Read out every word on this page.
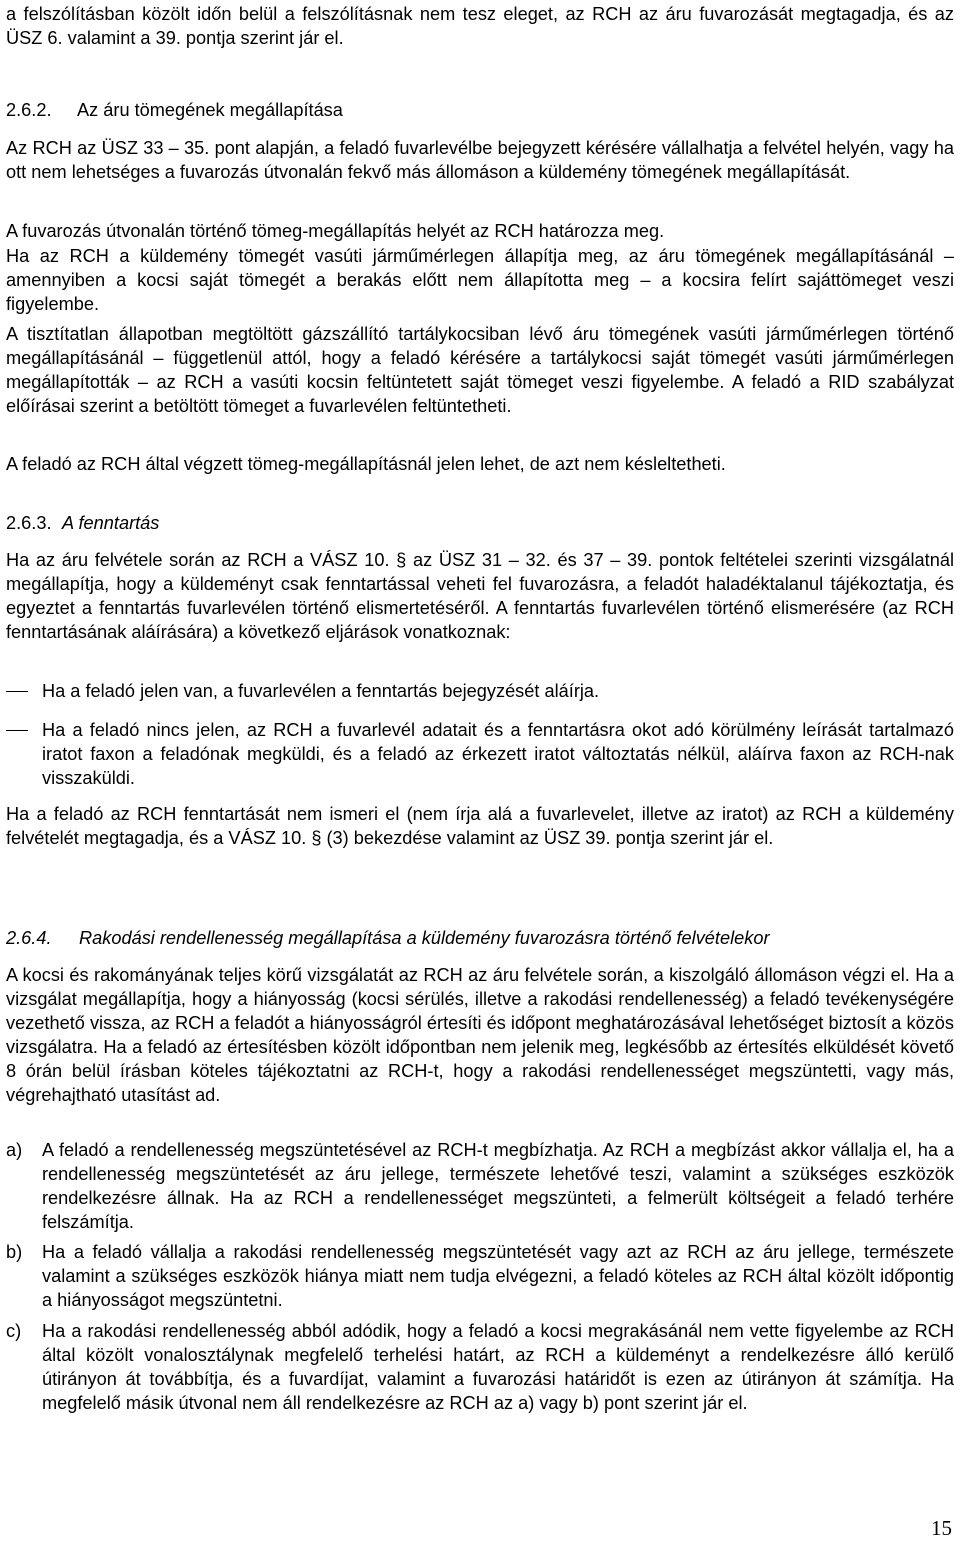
a felszólításban közölt időn belül a felszólításnak nem tesz eleget, az RCH az áru fuvarozását megtagadja, és az ÜSZ 6. valamint a 39. pontja szerint jár el.

2.6.2. Az áru tömegének megállapítása

Az RCH az ÜSZ 33 – 35. pont alapján, a feladó fuvarlevélbe bejegyzett kérésére vállalhatja a felvétel helyén, vagy ha ott nem lehetséges a fuvarozás útvonalán fekvő más állomáson a küldemény tömegének megállapítását.

A fuvarozás útvonalán történő tömeg-megállapítás helyét az RCH határozza meg.

Ha az RCH a küldemény tömegét vasúti járműmérlegen állapítja meg, az áru tömegének megállapításánál – amennyiben a kocsi saját tömegét a berakás előtt nem állapította meg – a kocsira felírt sajáttömeget veszi figyelembe.

A tisztítatlan állapotban megtöltött gázszállító tartálykocsiban lévő áru tömegének vasúti járműmérlegen történő megállapításánál – függetlenül attól, hogy a feladó kérésére a tartálykocsi saját tömegét vasúti járműmérlegen megállapították – az RCH a vasúti kocsin feltüntetett saját tömeget veszi figyelembe. A feladó a RID szabályzat előírásai szerint a betöltött tömeget a fuvarlevélen feltüntetheti.

A feladó az RCH által végzett tömeg-megállapításnál jelen lehet, de azt nem késleltetheti.

2.6.3. A fenntartás

Ha az áru felvétele során az RCH a VÁSZ 10. § az ÜSZ 31 – 32. és 37 – 39. pontok feltételei szerinti vizsgálatnál megállapítja, hogy a küldeményt csak fenntartással veheti fel fuvarozásra, a feladót haladéktalanul tájékoztatja, és egyeztet a fenntartás fuvarlevélen történő elismertetéséről. A fenntartás fuvarlevélen történő elismerésére (az RCH fenntartásának aláírására) a következő eljárások vonatkoznak:

Ha a feladó jelen van, a fuvarlevélen a fenntartás bejegyzését aláírja.

Ha a feladó nincs jelen, az RCH a fuvarlevél adatait és a fenntartásra okot adó körülmény leírását tartalmazó iratot faxon a feladónak megküldi, és a feladó az érkezett iratot változtatás nélkül, aláírva faxon az RCH-nak visszaküldi.

Ha a feladó az RCH fenntartását nem ismeri el (nem írja alá a fuvarlevelet, illetve az iratot) az RCH a küldemény felvételét megtagadja, és a VÁSZ 10. § (3) bekezdése valamint az ÜSZ 39. pontja szerint jár el.

2.6.4. Rakodási rendellenesség megállapítása a küldemény fuvarozásra történő felvételekor

A kocsi és rakományának teljes körű vizsgálatát az RCH az áru felvétele során, a kiszolgáló állomáson végzi el. Ha a vizsgálat megállapítja, hogy a hiányosság (kocsi sérülés, illetve a rakodási rendellenesség) a feladó tevékenységére vezethető vissza, az RCH a feladót a hiányosságról értesíti és időpont meghatározásával lehetőséget biztosít a közös vizsgálatra. Ha a feladó az értesítésben közölt időpontban nem jelenik meg, legkésőbb az értesítés elküldését követő 8 órán belül írásban köteles tájékoztatni az RCH-t, hogy a rakodási rendellenességet megszüntetti, vagy más, végrehajtható utasítást ad.

a) A feladó a rendellenesség megszüntetésével az RCH-t megbízhatja. Az RCH a megbízást akkor vállalja el, ha a rendellenesség megszüntetését az áru jellege, természete lehetővé teszi, valamint a szükséges eszközök rendelkezésre állnak. Ha az RCH a rendellenességet megszünteti, a felmerült költségeit a feladó terhére felszámítja.

b) Ha a feladó vállalja a rakodási rendellenesség megszüntetését vagy azt az RCH az áru jellege, természete valamint a szükséges eszközök hiánya miatt nem tudja elvégezni, a feladó köteles az RCH által közölt időpontig a hiányosságot megszüntetni.

c) Ha a rakodási rendellenesség abból adódik, hogy a feladó a kocsi megrakásánál nem vette figyelembe az RCH által közölt vonalosztálynak megfelelő terhelési határt, az RCH a küldeményt a rendelkezésre álló kerülő útirányon át továbbítja, és a fuvardíjat, valamint a fuvarozási határidőt is ezen az útirányon át számítja. Ha megfelelő másik útvonal nem áll rendelkezésre az RCH az a) vagy b) pont szerint jár el.

15
